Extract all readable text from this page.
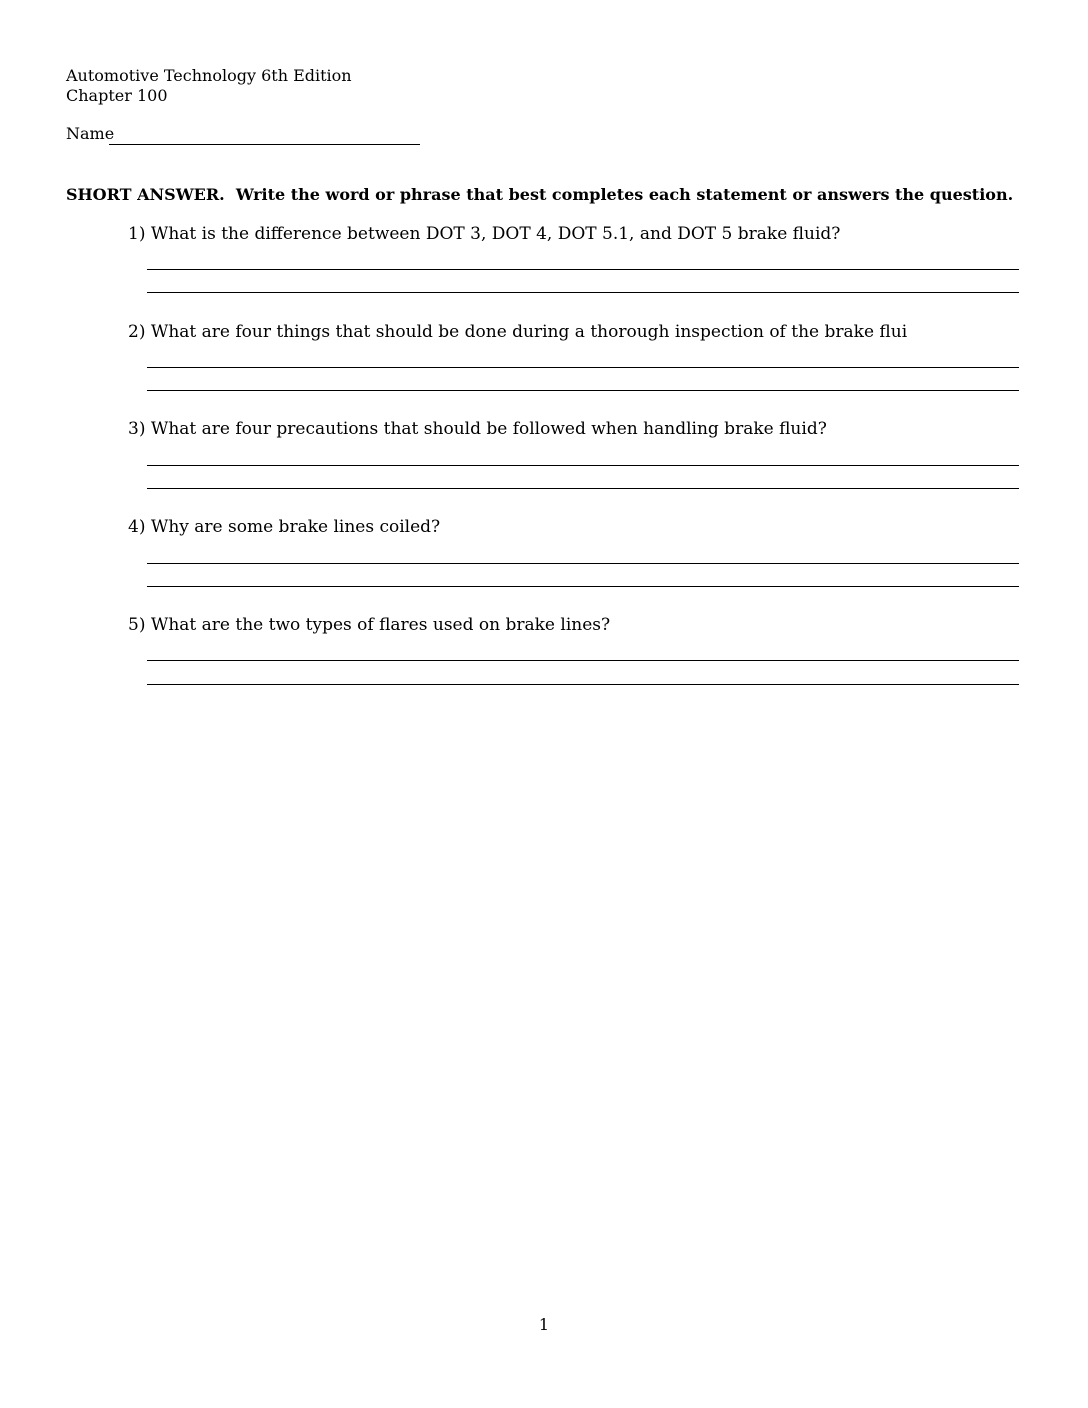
Automotive Technology 6th Edition
Chapter 100
Name
SHORT ANSWER. Write the word or phrase that best completes each statement or answers the question.
1) What is the difference between DOT 3, DOT 4, DOT 5.1, and DOT 5 brake fluid?
2) What are four things that should be done during a thorough inspection of the brake flui
3) What are four precautions that should be followed when handling brake fluid?
4) Why are some brake lines coiled?
5) What are the two types of flares used on brake lines?
1
